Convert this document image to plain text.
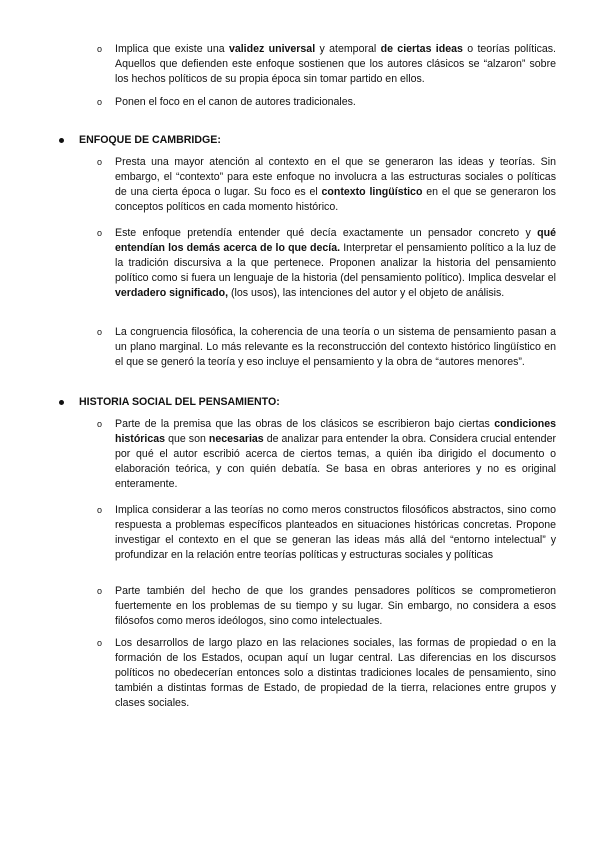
o Implica que existe una validez universal y atemporal de ciertas ideas o teorías políticas. Aquellos que defienden este enfoque sostienen que los autores clásicos se “alzaron” sobre los hechos políticos de su propia época sin tomar partido en ellos.
o Ponen el foco en el canon de autores tradicionales.
ENFOQUE DE CAMBRIDGE:
o Presta una mayor atención al contexto en el que se generaron las ideas y teorías. Sin embargo, el “contexto” para este enfoque no involucra a las estructuras sociales o políticas de una cierta época o lugar. Su foco es el contexto lingüístico en el que se generaron los conceptos políticos en cada momento histórico.
o Este enfoque pretendía entender qué decía exactamente un pensador concreto y qué entendían los demás acerca de lo que decía. Interpretar el pensamiento político a la luz de la tradición discursiva a la que pertenece. Proponen analizar la historia del pensamiento político como si fuera un lenguaje de la historia (del pensamiento político). Implica desvelar el verdadero significado, (los usos), las intenciones del autor y el objeto de análisis.
o La congruencia filosófica, la coherencia de una teoría o un sistema de pensamiento pasan a un plano marginal. Lo más relevante es la reconstrucción del contexto histórico lingüístico en el que se generó la teoría y eso incluye el pensamiento y la obra de “autores menores”.
HISTORIA SOCIAL DEL PENSAMIENTO:
o Parte de la premisa que las obras de los clásicos se escribieron bajo ciertas condiciones históricas que son necesarias de analizar para entender la obra. Considera crucial entender por qué el autor escribió acerca de ciertos temas, a quién iba dirigido el documento o elaboración teórica, y con quién debatía. Se basa en obras anteriores y no es original enteramente.
o Implica considerar a las teorías no como meros constructos filosóficos abstractos, sino como respuesta a problemas específicos planteados en situaciones históricas concretas. Propone investigar el contexto en el que se generan las ideas más allá del “entorno intelectual” y profundizar en la relación entre teorías políticas y estructuras sociales y políticas
o Parte también del hecho de que los grandes pensadores políticos se comprometieron fuertemente en los problemas de su tiempo y su lugar. Sin embargo, no considera a esos filósofos como meros ideólogos, sino como intelectuales.
o Los desarrollos de largo plazo en las relaciones sociales, las formas de propiedad o en la formación de los Estados, ocupan aquí un lugar central. Las diferencias en los discursos políticos no obedecerían entonces solo a distintas tradiciones locales de pensamiento, sino también a distintas formas de Estado, de propiedad de la tierra, relaciones entre grupos y clases sociales.
